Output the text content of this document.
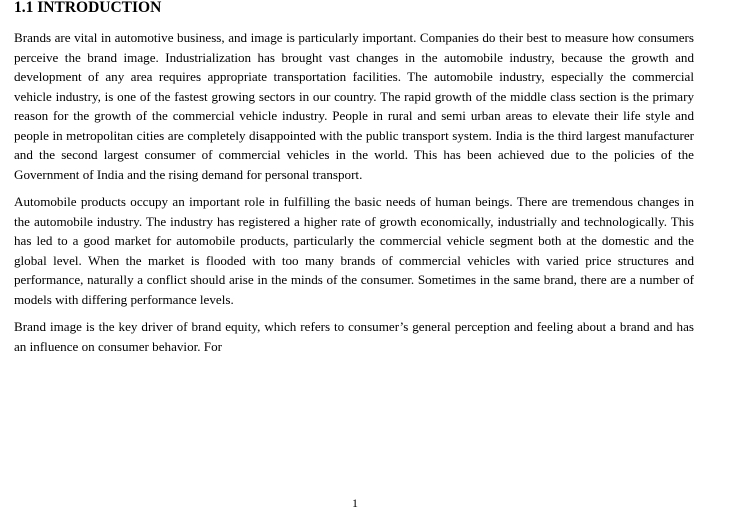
1.1 INTRODUCTION

Brands are vital in automotive business, and image is particularly important. Companies do their best to measure how consumers perceive the brand image. Industrialization has brought vast changes in the automobile industry, because the growth and development of any area requires appropriate transportation facilities. The automobile industry, especially the commercial vehicle industry, is one of the fastest growing sectors in our country. The rapid growth of the middle class section is the primary reason for the growth of the commercial vehicle industry. People in rural and semi urban areas to elevate their life style and people in metropolitan cities are completely disappointed with the public transport system. India is the third largest manufacturer and the second largest consumer of commercial vehicles in the world. This has been achieved due to the policies of the Government of India and the rising demand for personal transport.

Automobile products occupy an important role in fulfilling the basic needs of human beings. There are tremendous changes in the automobile industry. The industry has registered a higher rate of growth economically, industrially and technologically. This has led to a good market for automobile products, particularly the commercial vehicle segment both at the domestic and the global level. When the market is flooded with too many brands of commercial vehicles with varied price structures and performance, naturally a conflict should arise in the minds of the consumer. Sometimes in the same brand, there are a number of models with differing performance levels.

Brand image is the key driver of brand equity, which refers to consumer’s general perception and feeling about a brand and has an influence on consumer behavior. For

1
